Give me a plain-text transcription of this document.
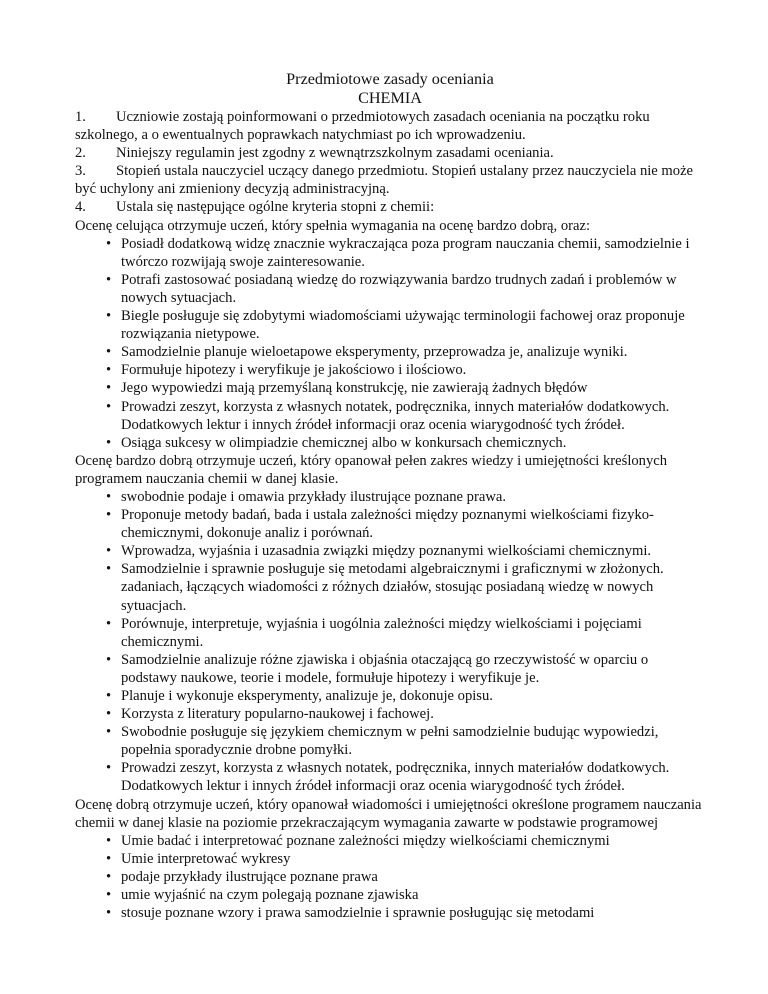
Przedmiotowe zasady oceniania
CHEMIA
1.	Uczniowie zostają poinformowani o przedmiotowych zasadach oceniania na początku roku szkolnego, a o ewentualnych poprawkach natychmiast po ich wprowadzeniu.
2.	Niniejszy regulamin jest zgodny z wewnątrzszkolnym zasadami oceniania.
3.	Stopień ustala nauczyciel uczący danego przedmiotu. Stopień ustalany przez nauczyciela nie może być uchylony ani zmieniony decyzją administracyjną.
4.	Ustala się następujące ogólne kryteria stopni z chemii:
Ocenę celująca otrzymuje uczeń, który spełnia wymagania na ocenę bardzo dobrą, oraz:
• Posiadł dodatkową widzę znacznie wykraczająca poza program nauczania chemii, samodzielnie i twórczo rozwijają swoje zainteresowanie.
• Potrafi zastosować posiadaną wiedzę do rozwiązywania bardzo trudnych zadań i problemów w nowych sytuacjach.
• Biegle posługuje się zdobytymi wiadomościami używając terminologii fachowej oraz proponuje rozwiązania nietypowe.
• Samodzielnie planuje wieloetapowe eksperymenty, przeprowadza je, analizuje wyniki.
• Formułuje hipotezy i weryfikuje je jakościowo i ilościowo.
• Jego wypowiedzi mają przemyślaną konstrukcję, nie zawierają żadnych błędów
• Prowadzi zeszyt, korzysta z własnych notatek, podręcznika, innych materiałów dodatkowych. Dodatkowych lektur i innych źródeł informacji oraz ocenia wiarygodność tych źródeł.
• Osiąga sukcesy w olimpiadzie chemicznej albo w konkursach chemicznych.
Ocenę bardzo dobrą otrzymuje uczeń, który opanował pełen zakres wiedzy i umiejętności kreślonych programem nauczania chemii w danej klasie.
• swobodnie podaje i omawia przykłady ilustrujące poznane prawa.
• Proponuje metody badań, bada i ustala zależności między poznanymi wielkościami fizyko-chemicznymi, dokonuje analiz i porównań.
• Wprowadza, wyjaśnia i uzasadnia związki między poznanymi wielkościami chemicznymi.
• Samodzielnie i sprawnie posługuje się metodami algebraicznymi i graficznymi w złożonych. zadaniach, łączących wiadomości z różnych działów, stosując posiadaną wiedzę w nowych sytuacjach.
• Porównuje, interpretuje, wyjaśnia i uogólnia zależności między wielkościami i pojęciami chemicznymi.
• Samodzielnie analizuje różne zjawiska i objaśnia otaczającą go rzeczywistość w oparciu o podstawy naukowe, teorie i modele, formułuje hipotezy i weryfikuje je.
• Planuje i wykonuje eksperymenty, analizuje je, dokonuje opisu.
• Korzysta z literatury popularno-naukowej i fachowej.
• Swobodnie posługuje się językiem chemicznym w pełni samodzielnie budując wypowiedzi, popełnia sporadycznie drobne pomyłki.
• Prowadzi zeszyt, korzysta z własnych notatek, podręcznika, innych materiałów dodatkowych. Dodatkowych lektur i innych źródeł informacji oraz ocenia wiarygodność tych źródeł.
Ocenę dobrą otrzymuje uczeń, który opanował wiadomości i umiejętności określone programem nauczania chemii w danej klasie na poziomie przekraczającym wymagania zawarte w podstawie programowej
• Umie badać i interpretować poznane zależności między wielkościami chemicznymi
• Umie interpretować wykresy
• podaje przykłady ilustrujące poznane prawa
• umie wyjaśnić na czym polegają poznane zjawiska
• stosuje poznane wzory i prawa samodzielnie i sprawnie posługując się metodami
